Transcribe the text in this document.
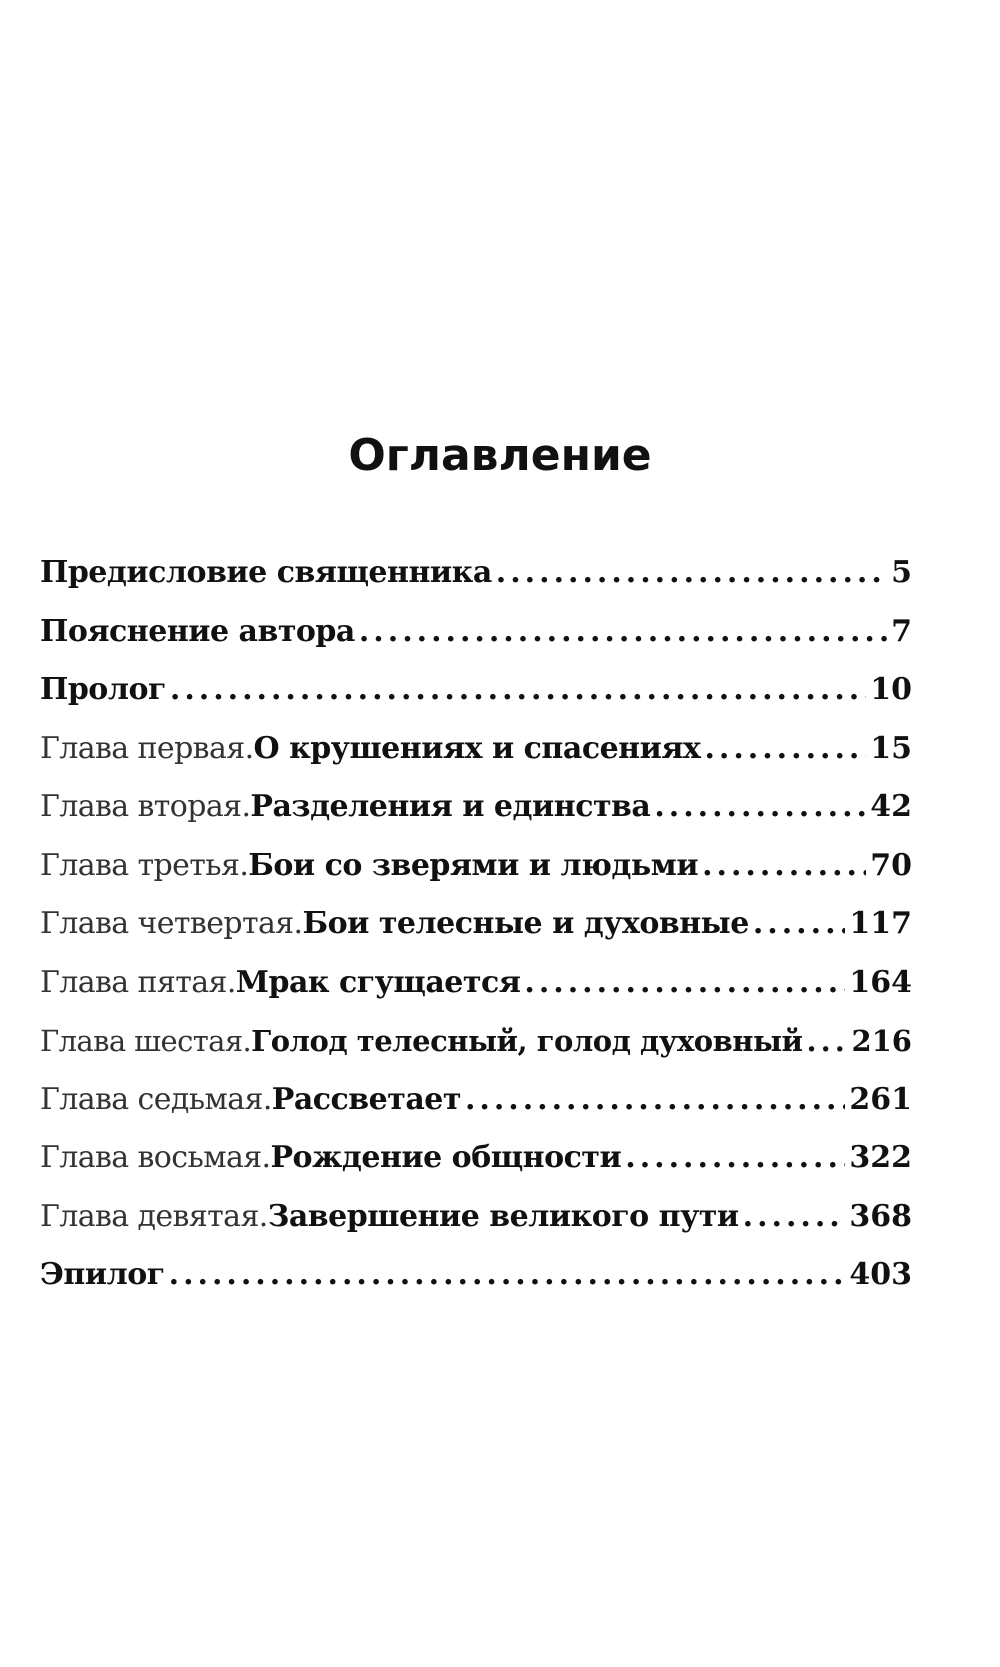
Оглавление
Предисловие священника .....	5
Пояснение автора .....	7
Пролог .....	10
Глава первая. О крушениях и спасениях .....	15
Глава вторая. Разделения и единства .....	42
Глава третья. Бои со зверями и людьми .....	70
Глава четвертая. Бои телесные и духовные .....	117
Глава пятая. Мрак сгущается .....	164
Глава шестая. Голод телесный, голод духовный ..... 216
Глава седьмая. Рассветает .....	261
Глава восьмая. Рождение общности .....	322
Глава девятая. Завершение великого пути .....	368
Эпилог .....	403
